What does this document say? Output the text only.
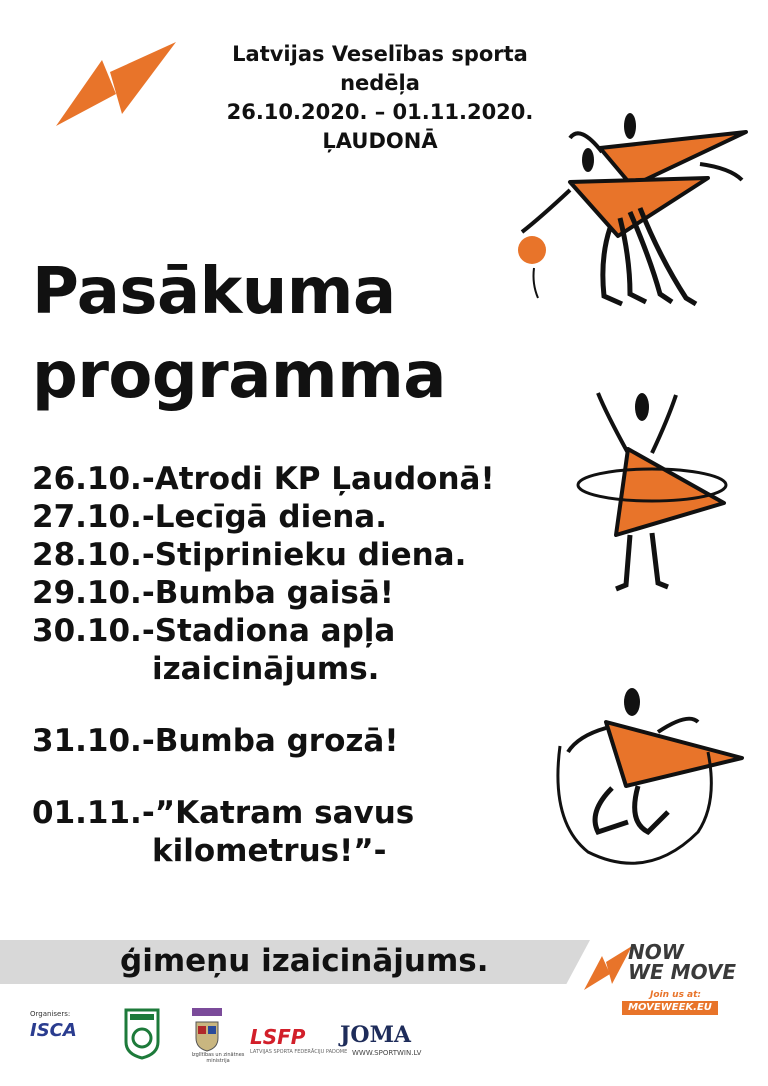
Latvijas Veselības sporta
nedēļa
26.10.2020. – 01.11.2020.
ĻAUDONĀ
Pasākuma
programma
26.10.-Atrodi KP Ļaudonā!
27.10.-Lecīgā diena.
28.10.-Stiprinieku diena.
29.10.-Bumba gaisā!
30.10.-Stadiona apļa
izaicinājums.
31.10.-Bumba grozā!
01.11.-”Katram savus
kilometrus!”-
ģimeņu izaicinājums.	NOW
WE MOVE
Join us at:
MOVEWEEK.EU
Organisers:
ISCA
Izglītības un zinātnes ministrija
LSFP
LATVIJAS SPORTA FEDERĀCIJU PADOME
JOMA
WWW.SPORTWIN.LV
